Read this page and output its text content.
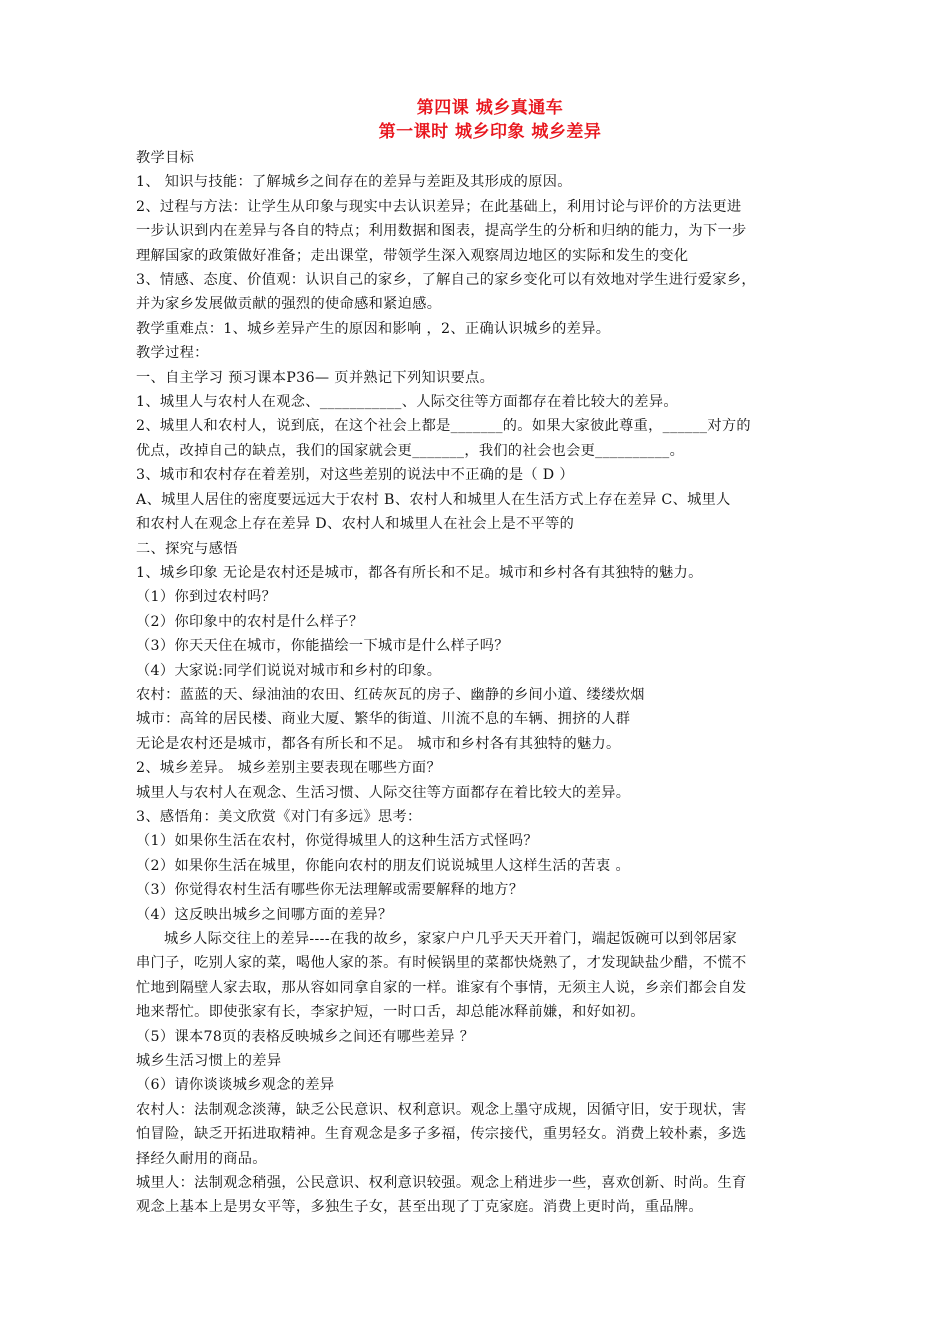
第四课 城乡真通车
第一课时 城乡印象 城乡差异
教学目标
1、 知识与技能：了解城乡之间存在的差异与差距及其形成的原因。
2、过程与方法：让学生从印象与现实中去认识差异；在此基础上，利用讨论与评价的方法更进
一步认识到内在差异与各自的特点；利用数据和图表，提高学生的分析和归纳的能力，为下一步
理解国家的政策做好准备；走出课堂，带领学生深入观察周边地区的实际和发生的变化
3、情感、态度、价值观：认识自己的家乡，了解自己的家乡变化可以有效地对学生进行爱家乡，
并为家乡发展做贡献的强烈的使命感和紧迫感。
教学重难点：1、城乡差异产生的原因和影响 ，2、正确认识城乡的差异。
教学过程：
一、自主学习 预习课本P36— 页并熟记下列知识要点。
1、城里人与农村人在观念、___________、人际交往等方面都存在着比较大的差异。
2、城里人和农村人，说到底，在这个社会上都是_______的。如果大家彼此尊重，______对方的
优点，改掉自己的缺点，我们的国家就会更_______，我们的社会也会更__________。
3、城市和农村存在着差别，对这些差别的说法中不正确的是（ D ）
A、城里人居住的密度要远远大于农村 B、农村人和城里人在生活方式上存在差异 C、城里人
和农村人在观念上存在差异 D、农村人和城里人在社会上是不平等的
二、探究与感悟
1、城乡印象 无论是农村还是城市，都各有所长和不足。城市和乡村各有其独特的魅力。
（1）你到过农村吗？
（2）你印象中的农村是什么样子？
（3）你天天住在城市，你能描绘一下城市是什么样子吗？
（4）大家说:同学们说说对城市和乡村的印象。
农村：蓝蓝的天、绿油油的农田、红砖灰瓦的房子、幽静的乡间小道、缕缕炊烟
城市：高耸的居民楼、商业大厦、繁华的街道、川流不息的车辆、拥挤的人群
无论是农村还是城市，都各有所长和不足。 城市和乡村各有其独特的魅力。
2、城乡差异。 城乡差别主要表现在哪些方面？
城里人与农村人在观念、生活习惯、人际交往等方面都存在着比较大的差异。
3、感悟角：美文欣赏《对门有多远》思考：
（1）如果你生活在农村，你觉得城里人的这种生活方式怪吗？
（2）如果你生活在城里，你能向农村的朋友们说说城里人这样生活的苦衷 。
（3）你觉得农村生活有哪些你无法理解或需要解释的地方？
（4）这反映出城乡之间哪方面的差异？
城乡人际交往上的差异----在我的故乡，家家户户几乎天天开着门，端起饭碗可以到邻居家
串门子，吃别人家的菜，喝他人家的茶。有时候锅里的菜都快烧熟了，才发现缺盐少醋，不慌不
忙地到隔壁人家去取，那从容如同拿自家的一样。谁家有个事情，无须主人说，乡亲们都会自发
地来帮忙。即使张家有长，李家护短，一时口舌，却总能冰释前嫌，和好如初。
（5）课本78页的表格反映城乡之间还有哪些差异 ？
城乡生活习惯上的差异
（6）请你谈谈城乡观念的差异
农村人：法制观念淡薄，缺乏公民意识、权利意识。观念上墨守成规，因循守旧，安于现状，害
怕冒险，缺乏开拓进取精神。生育观念是多子多福，传宗接代，重男轻女。消费上较朴素，多选
择经久耐用的商品。
城里人：法制观念稍强，公民意识、权利意识较强。观念上稍进步一些，喜欢创新、时尚。生育
观念上基本上是男女平等，多独生子女，甚至出现了丁克家庭。消费上更时尚，重品牌。
